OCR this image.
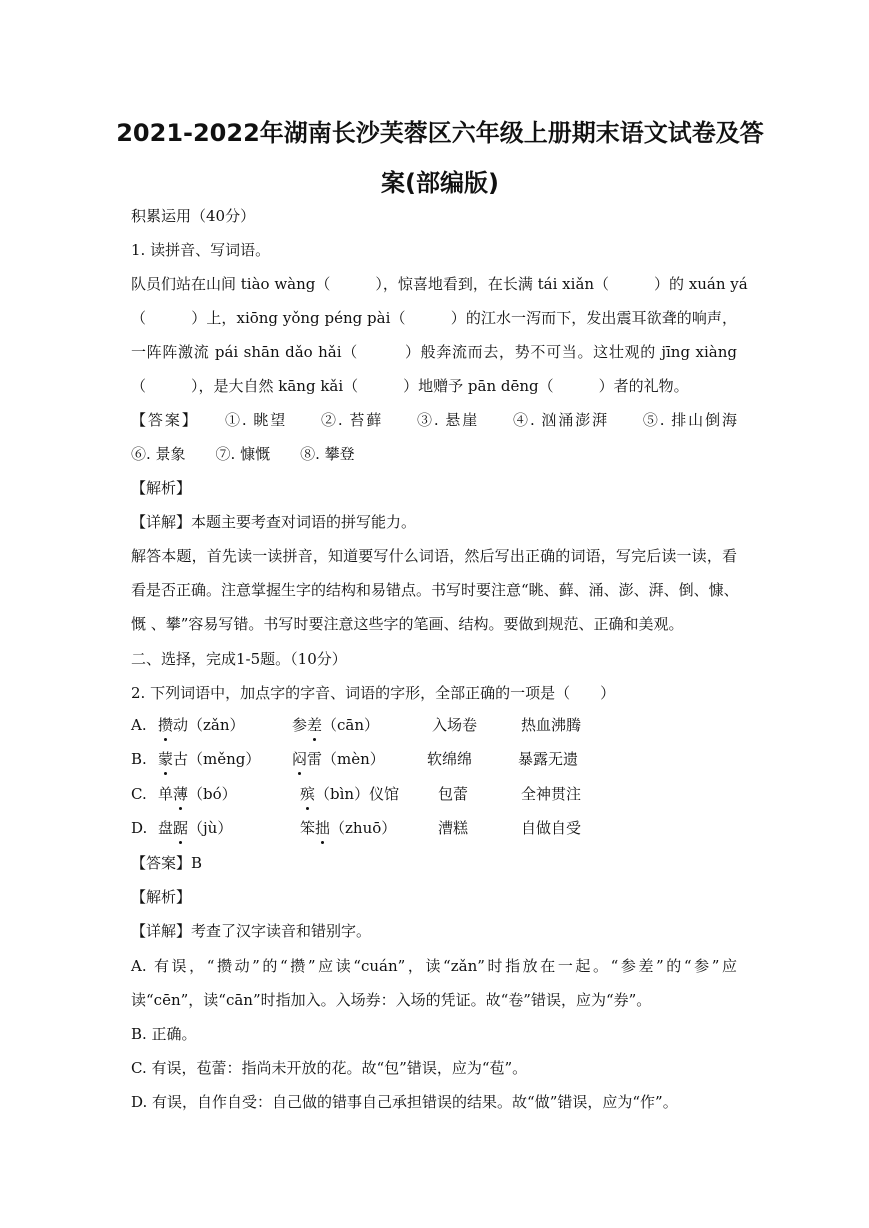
2021-2022年湖南长沙芙蓉区六年级上册期末语文试卷及答
案(部编版)
积累运用（40分）
1. 读拼音、写词语。
队员们站在山间 tiào wàng（　　　），惊喜地看到，在长满 tái xiǎn（　　　）的 xuán yá
（　　　）上，xiōng yǒng péng pài（　　　）的江水一泻而下，发出震耳欲聋的响声，
一阵阵激流 pái shān dǎo hǎi（　　　）般奔流而去，势不可当。这壮观的 jīng xiàng
（　　　），是大自然 kāng kǎi（　　　）地赠予 pān dēng（　　　）者的礼物。
【答案】　　①. 眺望　　②. 苔藓　　③. 悬崖　　④. 汹涌澎湃　　⑤. 排山倒海
⑥. 景象　　⑦. 慷慨　　⑧. 攀登
【解析】
【详解】本题主要考查对词语的拼写能力。
解答本题，首先读一读拼音，知道要写什么词语，然后写出正确的词语，写完后读一读，看
看是否正确。注意掌握生字的结构和易错点。书写时要注意“眺、藓、涌、澎、湃、倒、慷、
慨 、攀”容易写错。书写时要注意这些字的笔画、结构。要做到规范、正确和美观。
二、选择，完成1-5题。（10分）
2. 下列词语中，加点字的字音、词语的字形，全部正确的一项是（　　）
A. 攒动（zǎn）	参差（cān）	入场卷	热血沸腾
B. 蒙古（měng） 闷雷（mèn）	软绵绵	暴露无遗
C. 单薄（bó）	殡（bìn）仪馆	包蕾	全神贯注
D. 盘踞（jù）	笨拙（zhuō）	漕糕	自做自受
【答案】B
【解析】
【详解】考查了汉字读音和错别字。
A. 有误，“攒动”的“攒”应读“cuán”，读“zǎn”时指放在一起。“参差”的“参”应
读“cēn”，读“cān”时指加入。入场券：入场的凭证。故“卷”错误，应为“券”。
B. 正确。
C. 有误，苞蕾：指尚未开放的花。故“包”错误，应为“苞”。
D. 有误，自作自受：自己做的错事自己承担错误的结果。故“做”错误，应为“作”。
